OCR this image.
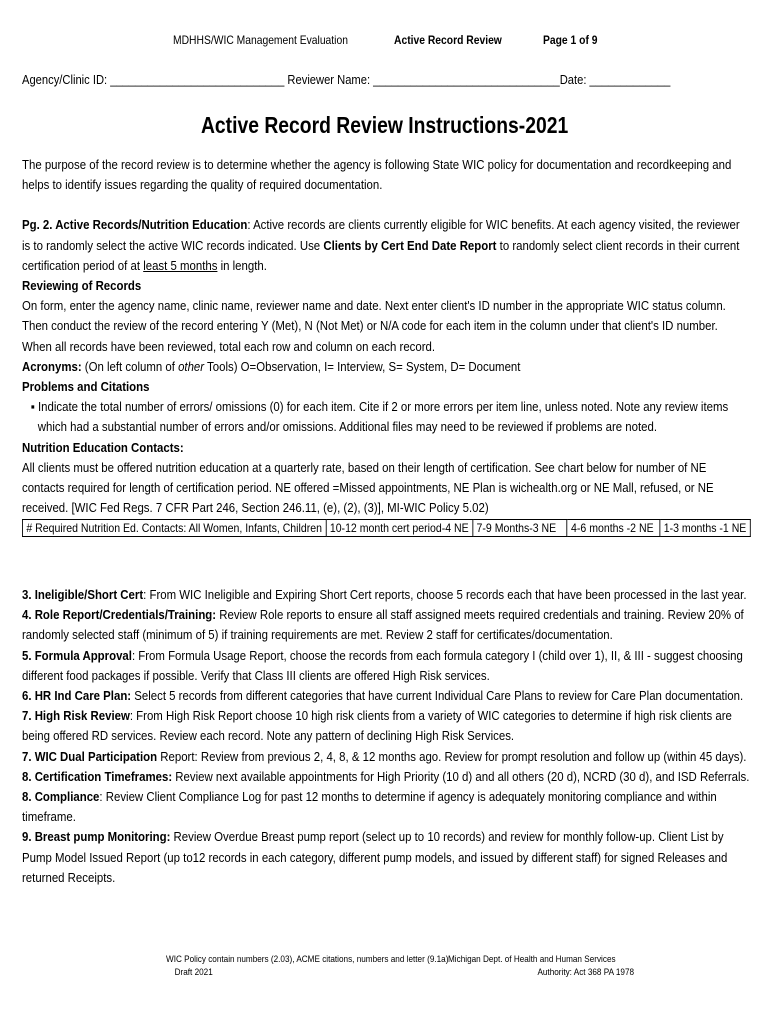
MDHHS/WIC Management Evaluation	Active Record Review	Page 1 of 9
Agency/Clinic ID: ____________________________ Reviewer Name: ______________________________Date: _____________
Active Record Review Instructions-2021

The purpose of the record review is to determine whether the agency is following State WIC policy for documentation and recordkeeping and helps to identify issues regarding the quality of required documentation.

Pg. 2. Active Records/Nutrition Education: Active records are clients currently eligible for WIC benefits. At each agency visited, the reviewer is to randomly select the active WIC records indicated. Use Clients by Cert End Date Report to randomly select client records in their current certification period of at least 5 months in length.

Reviewing of Records

On form, enter the agency name, clinic name, reviewer name and date. Next enter client's ID number in the appropriate WIC status column. Then conduct the review of the record entering Y (Met), N (Not Met) or N/A code for each item in the column under that client's ID number. When all records have been reviewed, total each row and column on each record.

Acronyms: (On left column of other Tools) O=Observation, I= Interview, S= System, D= Document

Problems and Citations

▪ Indicate the total number of errors/ omissions (0) for each item. Cite if 2 or more errors per item line, unless noted. Note any review items which had a substantial number of errors and/or omissions. Additional files may need to be reviewed if problems are noted.

Nutrition Education Contacts:

All clients must be offered nutrition education at a quarterly rate, based on their length of certification. See chart below for number of NE contacts required for length of certification period. NE offered =Missed appointments, NE Plan is wichealth.org or NE Mall, refused, or NE received. [WIC Fed Regs. 7 CFR Part 246, Section 246.11, (e), (2), (3)], MI-WIC Policy 5.02)

# Required Nutrition Ed. Contacts: All Women, Infants, Children	10-12 month cert period-4 NE	7-9 Months-3 NE	4-6 months -2 NE	1-3 months -1 NE

3. Ineligible/Short Cert: From WIC Ineligible and Expiring Short Cert reports, choose 5 records each that have been processed in the last year.

4. Role Report/Credentials/Training: Review Role reports to ensure all staff assigned meets required credentials and training. Review 20% of randomly selected staff (minimum of 5) if training requirements are met. Review 2 staff for certificates/documentation.

5. Formula Approval: From Formula Usage Report, choose the records from each formula category I (child over 1), II, & III - suggest choosing different food packages if possible. Verify that Class III clients are offered High Risk services.

6. HR Ind Care Plan: Select 5 records from different categories that have current Individual Care Plans to review for Care Plan documentation.

7. High Risk Review: From High Risk Report choose 10 high risk clients from a variety of WIC categories to determine if high risk clients are being offered RD services. Review each record. Note any pattern of declining High Risk Services.

7. WIC Dual Participation Report: Review from previous 2, 4, 8, & 12 months ago. Review for prompt resolution and follow up (within 45 days).

8. Certification Timeframes: Review next available appointments for High Priority (10 d) and all others (20 d), NCRD (30 d), and ISD Referrals.

8. Compliance: Review Client Compliance Log for past 12 months to determine if agency is adequately monitoring compliance and within timeframe.

9. Breast pump Monitoring: Review Overdue Breast pump report (select up to 10 records) and review for monthly follow-up. Client List by Pump Model Issued Report (up to12 records in each category, different pump models, and issued by different staff) for signed Releases and returned Receipts.

WIC Policy contain numbers (2.03), ACME citations, numbers and letter (9.1a)
Draft 2021
Michigan Dept. of Health and Human Services
Authority: Act 368 PA 1978
